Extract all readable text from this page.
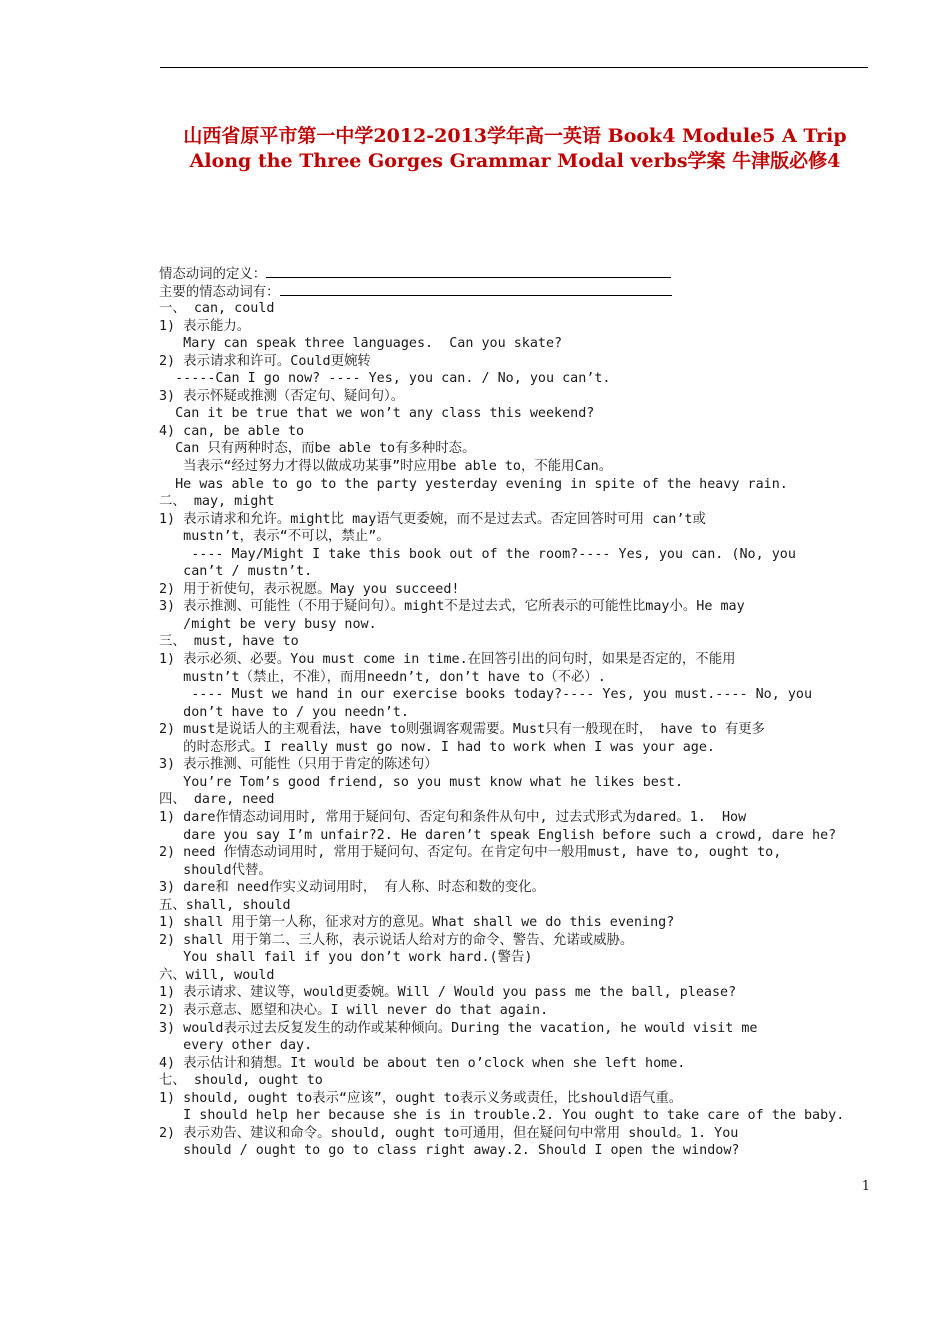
山西省原平市第一中学2012-2013学年高一英语 Book4 Module5 A Trip
Along the Three Gorges Grammar Modal verbs学案 牛津版必修4
情态动词的定义：
主要的情态动词有：
一、 can, could
1) 表示能力。
Mary can speak three languages.  Can you skate?
2) 表示请求和许可。Could更婉转
-----Can I go now? ---- Yes, you can. / No, you can’t.
3) 表示怀疑或推测（否定句、疑问句）。
Can it be true that we won’t any class this weekend?
4) can, be able to
Can 只有两种时态，而be able to有多种时态。
当表示“经过努力才得以做成功某事”时应用be able to，不能用Can。
He was able to go to the party yesterday evening in spite of the heavy rain.
二、 may, might
1) 表示请求和允许。might比 may语气更委婉，而不是过去式。否定回答时可用 can’t或
mustn’t，表示“不可以，禁止”。
---- May/Might I take this book out of the room?---- Yes, you can. (No, you
can’t / mustn’t.
2) 用于祈使句，表示祝愿。May you succeed!
3) 表示推测、可能性（不用于疑问句）。might不是过去式，它所表示的可能性比may小。He may
/might be very busy now.
三、 must, have to
1) 表示必须、必要。You must come in time.在回答引出的问句时，如果是否定的，不能用
mustn’t（禁止，不准），而用needn’t, don’t have to（不必）.
---- Must we hand in our exercise books today?---- Yes, you must.---- No, you
don’t have to / you needn’t.
2) must是说话人的主观看法，have to则强调客观需要。Must只有一般现在时， have to 有更多
的时态形式。I really must go now. I had to work when I was your age.
3) 表示推测、可能性（只用于肯定的陈述句）
You’re Tom’s good friend, so you must know what he likes best.
四、 dare, need
1) dare作情态动词用时, 常用于疑问句、否定句和条件从句中, 过去式形式为dared。1.  How
dare you say I’m unfair?2. He daren’t speak English before such a crowd, dare he?
2) need 作情态动词用时, 常用于疑问句、否定句。在肯定句中一般用must, have to, ought to,
should代替。
3) dare和 need作实义动词用时， 有人称、时态和数的变化。
五、shall, should
1) shall 用于第一人称，征求对方的意见。What shall we do this evening?
2) shall 用于第二、三人称，表示说话人给对方的命令、警告、允诺或威胁。
You shall fail if you don’t work hard.(警告)
六、will, would
1) 表示请求、建议等，would更委婉。Will / Would you pass me the ball, please?
2) 表示意志、愿望和决心。I will never do that again.
3) would表示过去反复发生的动作或某种倾向。During the vacation, he would visit me
every other day.
4) 表示估计和猜想。It would be about ten o’clock when she left home.
七、 should, ought to
1) should, ought to表示“应该”，ought to表示义务或责任，比should语气重。
I should help her because she is in trouble.2. You ought to take care of the baby.
2) 表示劝告、建议和命令。should, ought to可通用，但在疑问句中常用 should。1. You
should / ought to go to class right away.2. Should I open the window?
1
